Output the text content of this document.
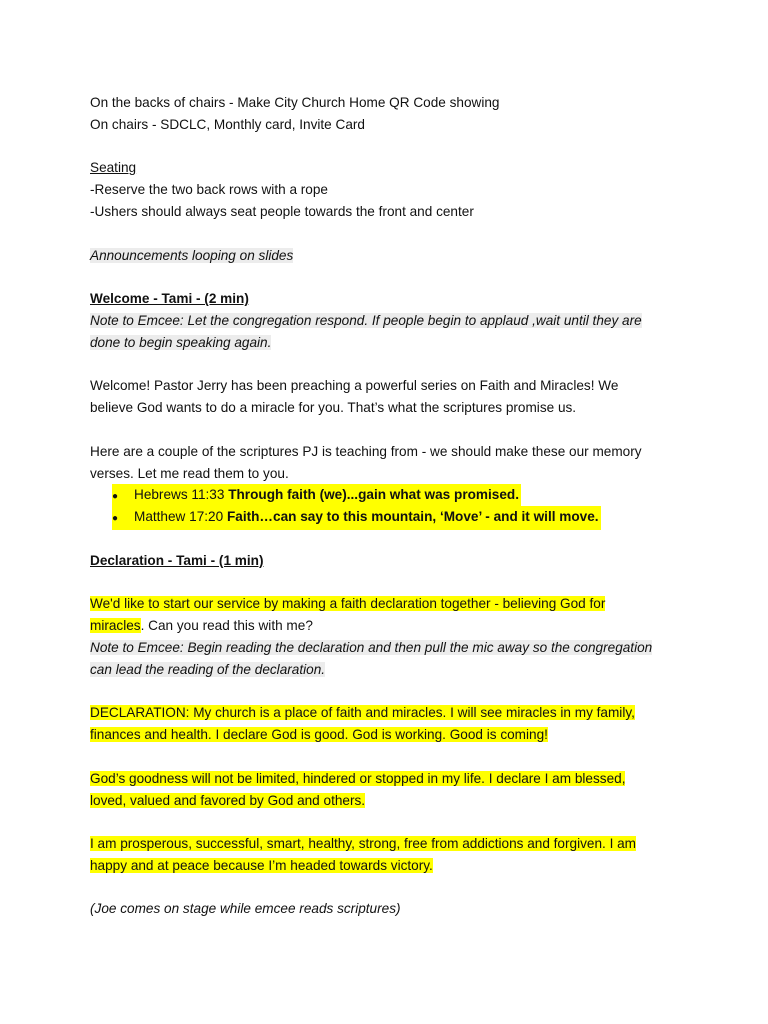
On the backs of chairs - Make City Church Home QR Code showing
On chairs - SDCLC, Monthly card, Invite Card
Seating
-Reserve the two back rows with a rope
-Ushers should always seat people towards the front and center
Announcements looping on slides
Welcome - Tami - (2 min)
Note to Emcee: Let the congregation respond. If people begin to applaud ,wait until they are
done to begin speaking again.
Welcome! Pastor Jerry has been preaching a powerful series on Faith and Miracles! We
believe God wants to do a miracle for you. That’s what the scriptures promise us.
Here are a couple of the scriptures PJ is teaching from - we should make these our memory
verses. Let me read them to you.
● Hebrews 11:33 Through faith (we)...gain what was promised.
● Matthew 17:20 Faith…can say to this mountain, ‘Move’ - and it will move.
Declaration - Tami - (1 min)
We'd like to start our service by making a faith declaration together - believing God for
miracles. Can you read this with me?
Note to Emcee: Begin reading the declaration and then pull the mic away so the congregation
can lead the reading of the declaration.
DECLARATION: My church is a place of faith and miracles. I will see miracles in my family,
finances and health. I declare God is good. God is working. Good is coming!
God’s goodness will not be limited, hindered or stopped in my life. I declare I am blessed,
loved, valued and favored by God and others.
I am prosperous, successful, smart, healthy, strong, free from addictions and forgiven. I am
happy and at peace because I’m headed towards victory.
(Joe comes on stage while emcee reads scriptures)
